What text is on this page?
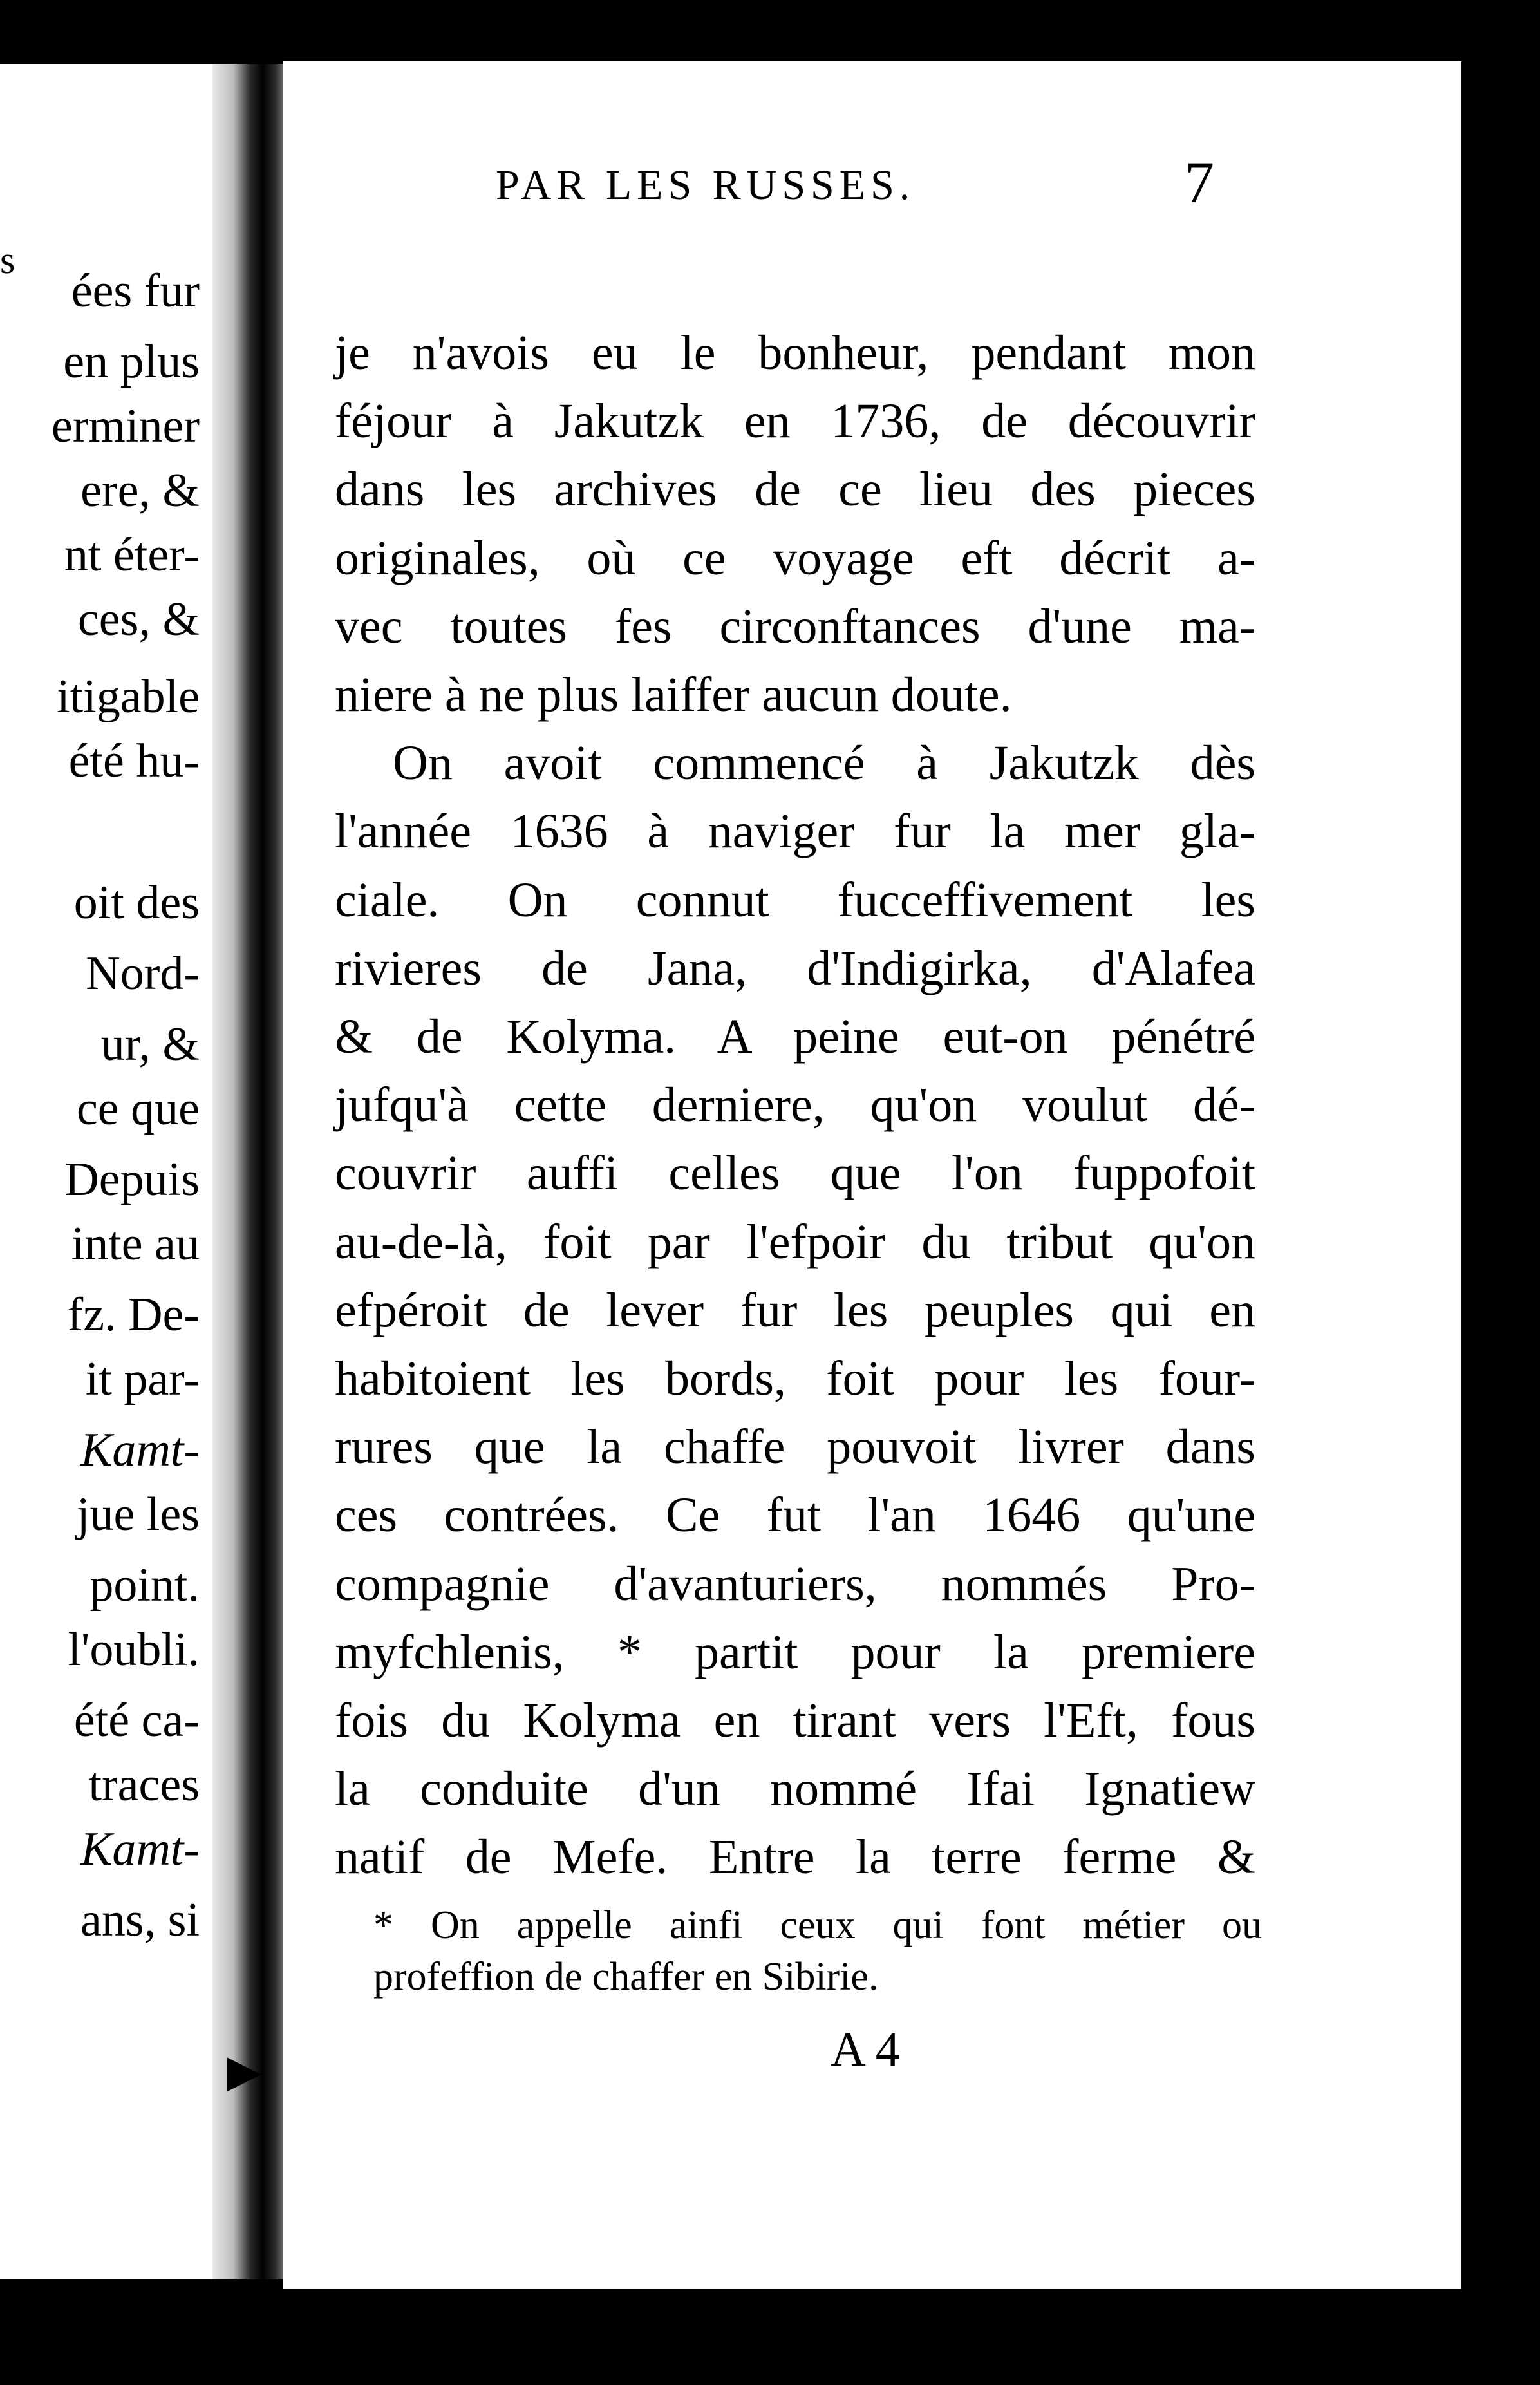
s
ées fur
en plus
erminer
ere, &
nt éter-
ces, &
itigable
été hu-
oit des
Nord-
ur, &
ce que
Depuis
inte au
fz. De-
it par-
Kamt-
jue les
point.
l'oubli.
été ca-
traces
Kamt-
ans, si
▶
PAR LES RUSSES.	7
je n'avois eu le bonheur, pendant mon
féjour à Jakutzk en 1736, de découvrir
dans les archives de ce lieu des pieces
originales, où ce voyage eft décrit a-
vec toutes fes circonftances d'une ma-
niere à ne plus laiffer aucun doute.
On avoit commencé à Jakutzk dès
l'année 1636 à naviger fur la mer gla-
ciale. On connut fucceffivement les
rivieres de Jana, d'Indigirka, d'Alafea
& de Kolyma. A peine eut-on pénétré
jufqu'à cette derniere, qu'on voulut dé-
couvrir auffi celles que l'on fuppofoit
au-de-là, foit par l'efpoir du tribut qu'on
efpéroit de lever fur les peuples qui en
habitoient les bords, foit pour les four-
rures que la chaffe pouvoit livrer dans
ces contrées. Ce fut l'an 1646 qu'une
compagnie d'avanturiers, nommés Pro-
myfchlenis, * partit pour la premiere
fois du Kolyma en tirant vers l'Eft, fous
la conduite d'un nommé Ifai Ignatiew
natif de Mefe. Entre la terre ferme &
* On appelle ainfi ceux qui font métier ou
profeffion de chaffer en Sibirie.
A 4
